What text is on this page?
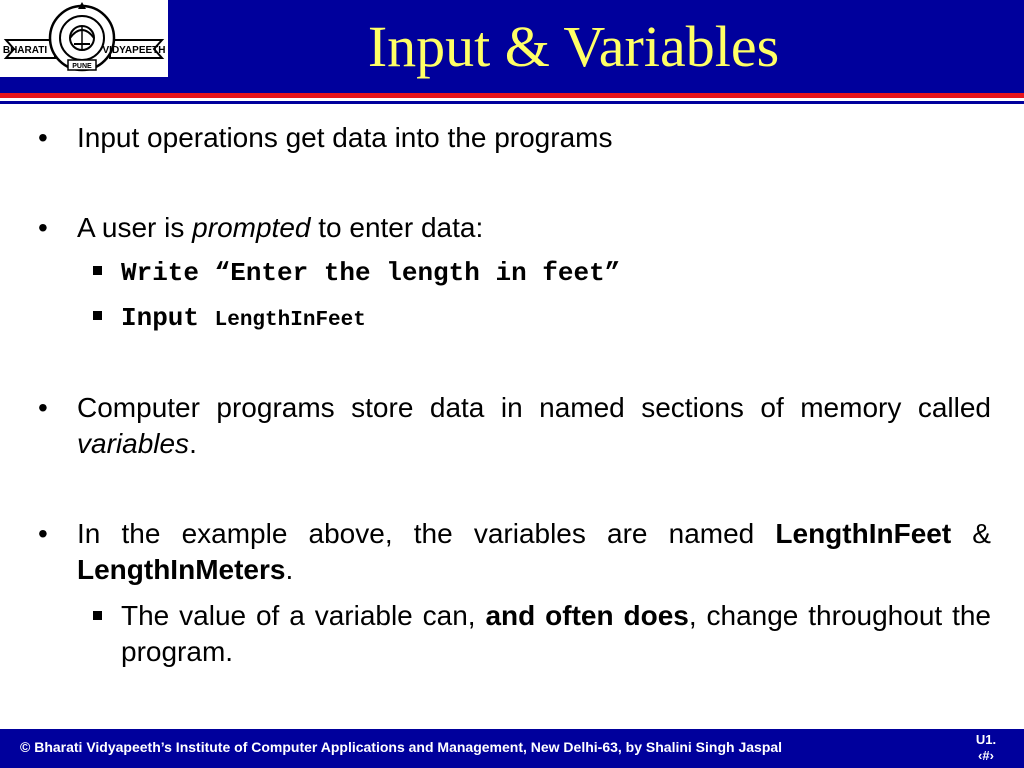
BHARATI	VIDYAPEETH
PUNE	Input & Variables
• Input operations get data into the programs
• A user is prompted to enter data:
Write “Enter the length in feet”
Input LengthInFeet
• Computer programs store data in named sections of memory called variables.
• In the example above, the variables are named LengthInFeet & LengthInMeters.
The value of a variable can, and often does, change throughout the program.
© Bharati Vidyapeeth’s Institute of Computer Applications and Management, New Delhi-63, by Shalini Singh Jaspal	U1.
‹#›
